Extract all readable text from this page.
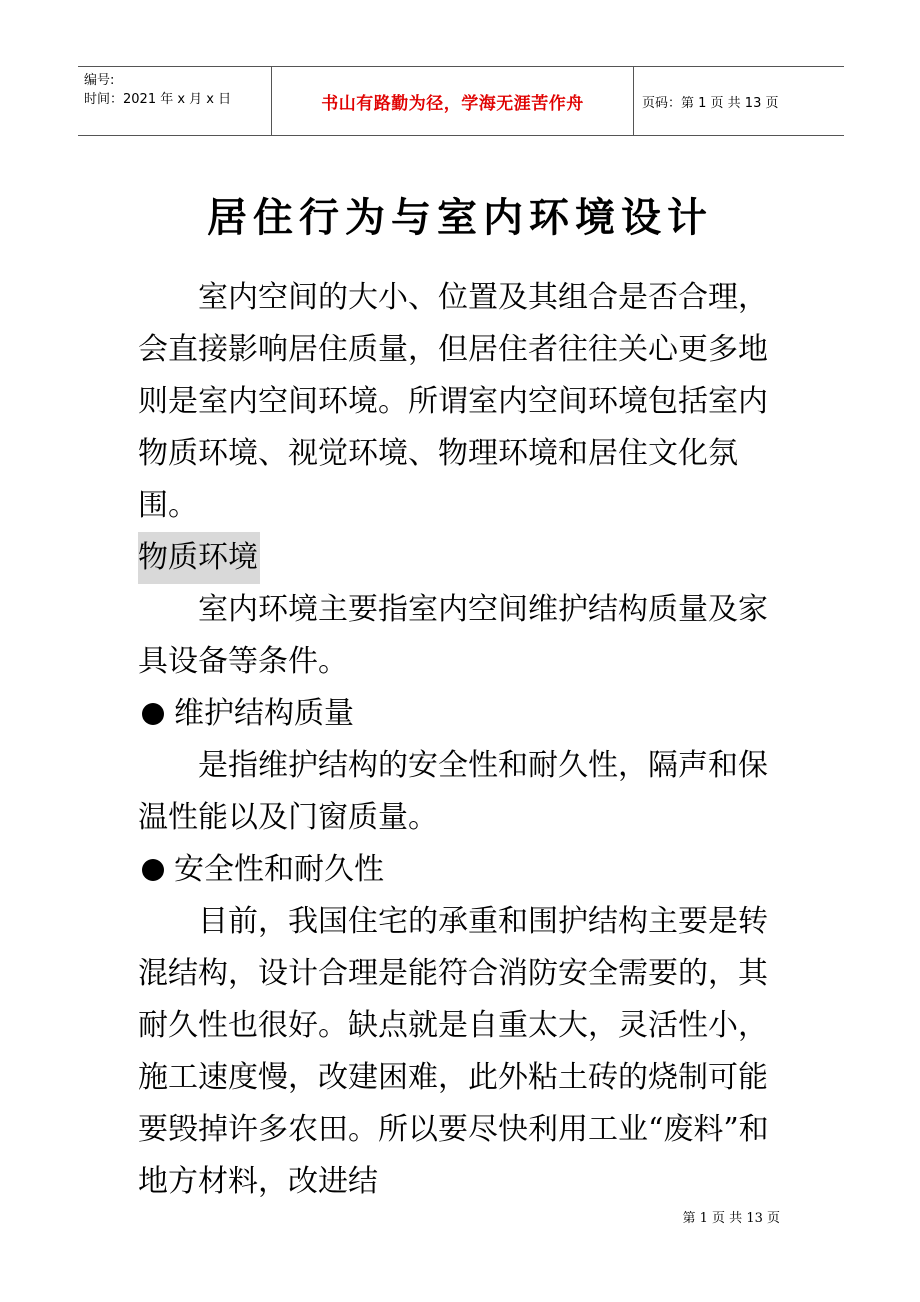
编号:
时间：2021 年 x 月 x 日	书山有路勤为径，学海无涯苦作舟	页码：第 1 页 共 13 页
居住行为与室内环境设计

室内空间的大小、位置及其组合是否合理，会直接影响居住质量，但居住者往往关心更多地则是室内空间环境。所谓室内空间环境包括室内物质环境、视觉环境、物理环境和居住文化氛围。

物质环境

室内环境主要指室内空间维护结构质量及家具设备等条件。

维护结构质量

是指维护结构的安全性和耐久性，隔声和保温性能以及门窗质量。

安全性和耐久性

目前，我国住宅的承重和围护结构主要是转混结构，设计合理是能符合消防安全需要的，其耐久性也很好。缺点就是自重太大，灵活性小，施工速度慢，改建困难，此外粘土砖的烧制可能要毁掉许多农田。所以要尽快利用工业“废料”和地方材料，改进结

第 1 页 共 13 页
